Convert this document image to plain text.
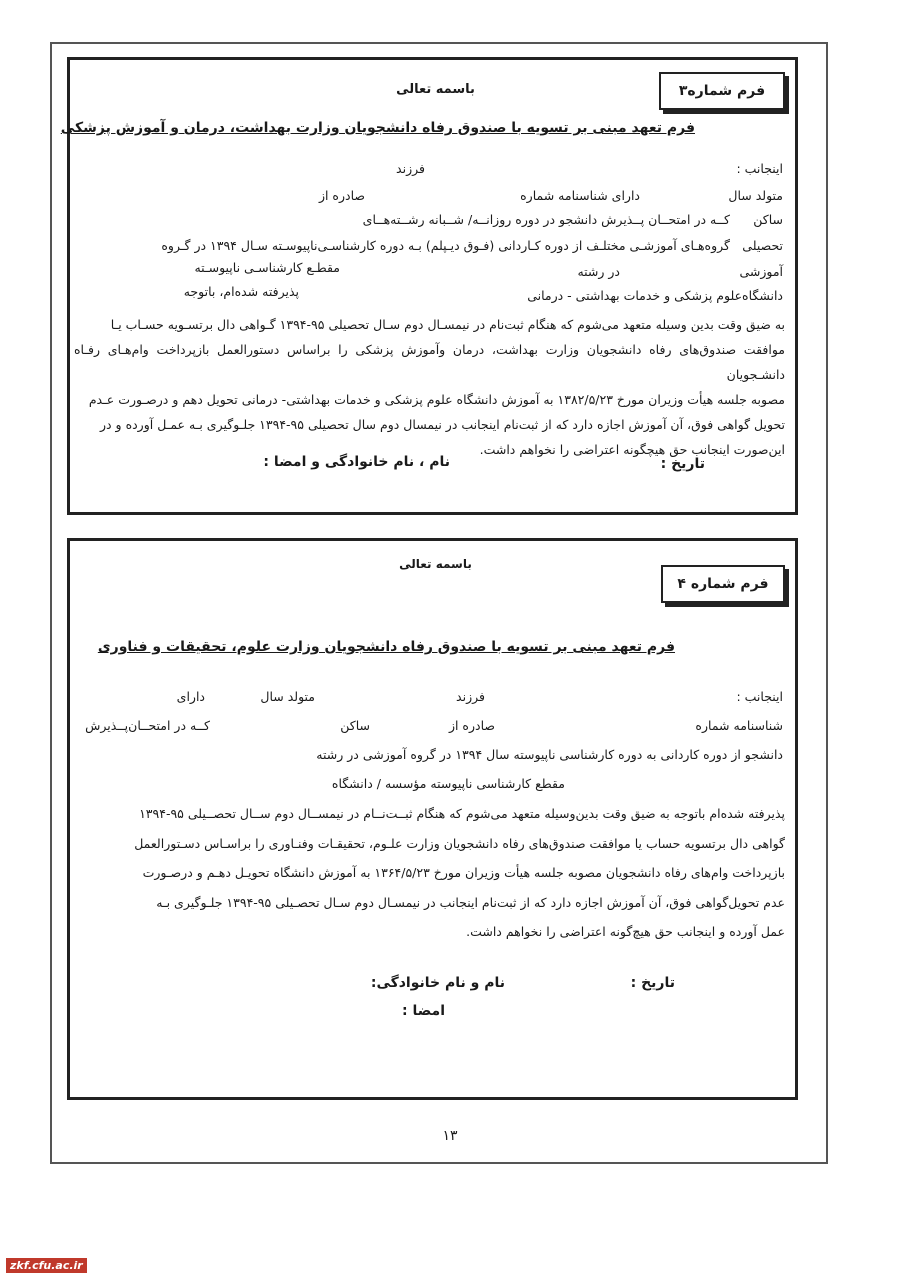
فرم شماره۳
باسمه تعالی
فرم تعهد مبنی بر تسویه با صندوق رفاه دانشجویان وزارت بهداشت، درمان و آموزش پزشکی
اینجانب :
فرزند
متولد سال
دارای شناسنامه شماره
صادره از
ساکن
کــه در امتحــان پــذیرش دانشجو در دوره روزانــه/ شــبانه رشــته‌هــای
تحصیلی
گروه‌هـای آموزشـی مختلـف از دوره کـاردانی (فـوق دیـپلم) بـه دوره کارشناسـی‌ناپیوسـته سـال ۱۳۹۴ در گـروه
آموزشی
در رشته
مقطـع کارشناسـی ناپیوسـته
دانشگاه‌علوم پزشکی و خدمات بهداشتی - درمانی
پذیرفته شده‌ام، باتوجه
به ضیق وقت بدین وسیله متعهد می‌شوم که هنگام ثبت‌نام در نیمسـال دوم سـال تحصیلی ۹۵-۱۳۹۴ گـواهی دال برتسـویه حسـاب یـا
موافقت صندوق‌های رفاه دانشجویان وزارت بهداشت، درمان وآموزش پزشکی را براساس دستورالعمل بازپرداخت وام‌هـای رفـاه دانشـجویان
مصوبه جلسه هیأت وزیران مورخ ۱۳۸۲/۵/۲۳ به آموزش دانشگاه علوم پزشکی و خدمات بهداشتی- درمانی تحویل دهم و درصـورت عـدم
تحویل گواهی فوق، آن آموزش اجازه دارد که از ثبت‌نام اینجانب در نیمسال دوم سال تحصیلی ۹۵-۱۳۹۴ جلـوگیری بـه عمـل آورده و در
این‌صورت اینجانب حق هیچگونه اعتراضی را نخواهم داشت.
تاریخ :
نام ، نام خانوادگی و امضا :
باسمه تعالی
فرم شماره ۴
فرم تعهد مبنی بر تسویه با صندوق رفاه دانشجویان وزارت علوم، تحقیقات و فناوری
اینجانب :
فرزند
متولد سال
دارای
شناسنامه شماره
صادره از
ساکن
کــه در امتحــان‌پــذیرش
دانشجو از دوره کاردانی به دوره کارشناسی ناپیوسته سال ۱۳۹۴ در گروه آموزشی در رشته
مقطع کارشناسی ناپیوسته مؤسسه / دانشگاه
پذیرفته شده‌ام باتوجه به ضیق وقت بدین‌وسیله متعهد می‌شوم که هنگام ثبــت‌نــام در نیمســال دوم ســال تحصــیلی ۹۵-۱۳۹۴
گواهی دال برتسویه حساب یا موافقت صندوق‌های رفاه دانشجویان وزارت علـوم، تحقیقـات وفنـاوری را براسـاس دسـتورالعمل
بازپرداخت وام‌های رفاه دانشجویان مصوبه جلسه هیأت وزیران مورخ ۱۳۶۴/۵/۲۳ به آموزش دانشگاه تحویـل دهـم و درصـورت
عدم تحویل‌گواهی فوق، آن آموزش اجازه دارد که از ثبت‌نام اینجانب در نیمسـال دوم سـال تحصـیلی ۹۵-۱۳۹۴ جلـوگیری بـه
عمل آورده و اینجانب حق هیچ‌گونه اعتراضی را نخواهم داشت.
تاریخ :
نام و نام خانوادگی:
امضا :
۱۳
zkf.cfu.ac.ir
